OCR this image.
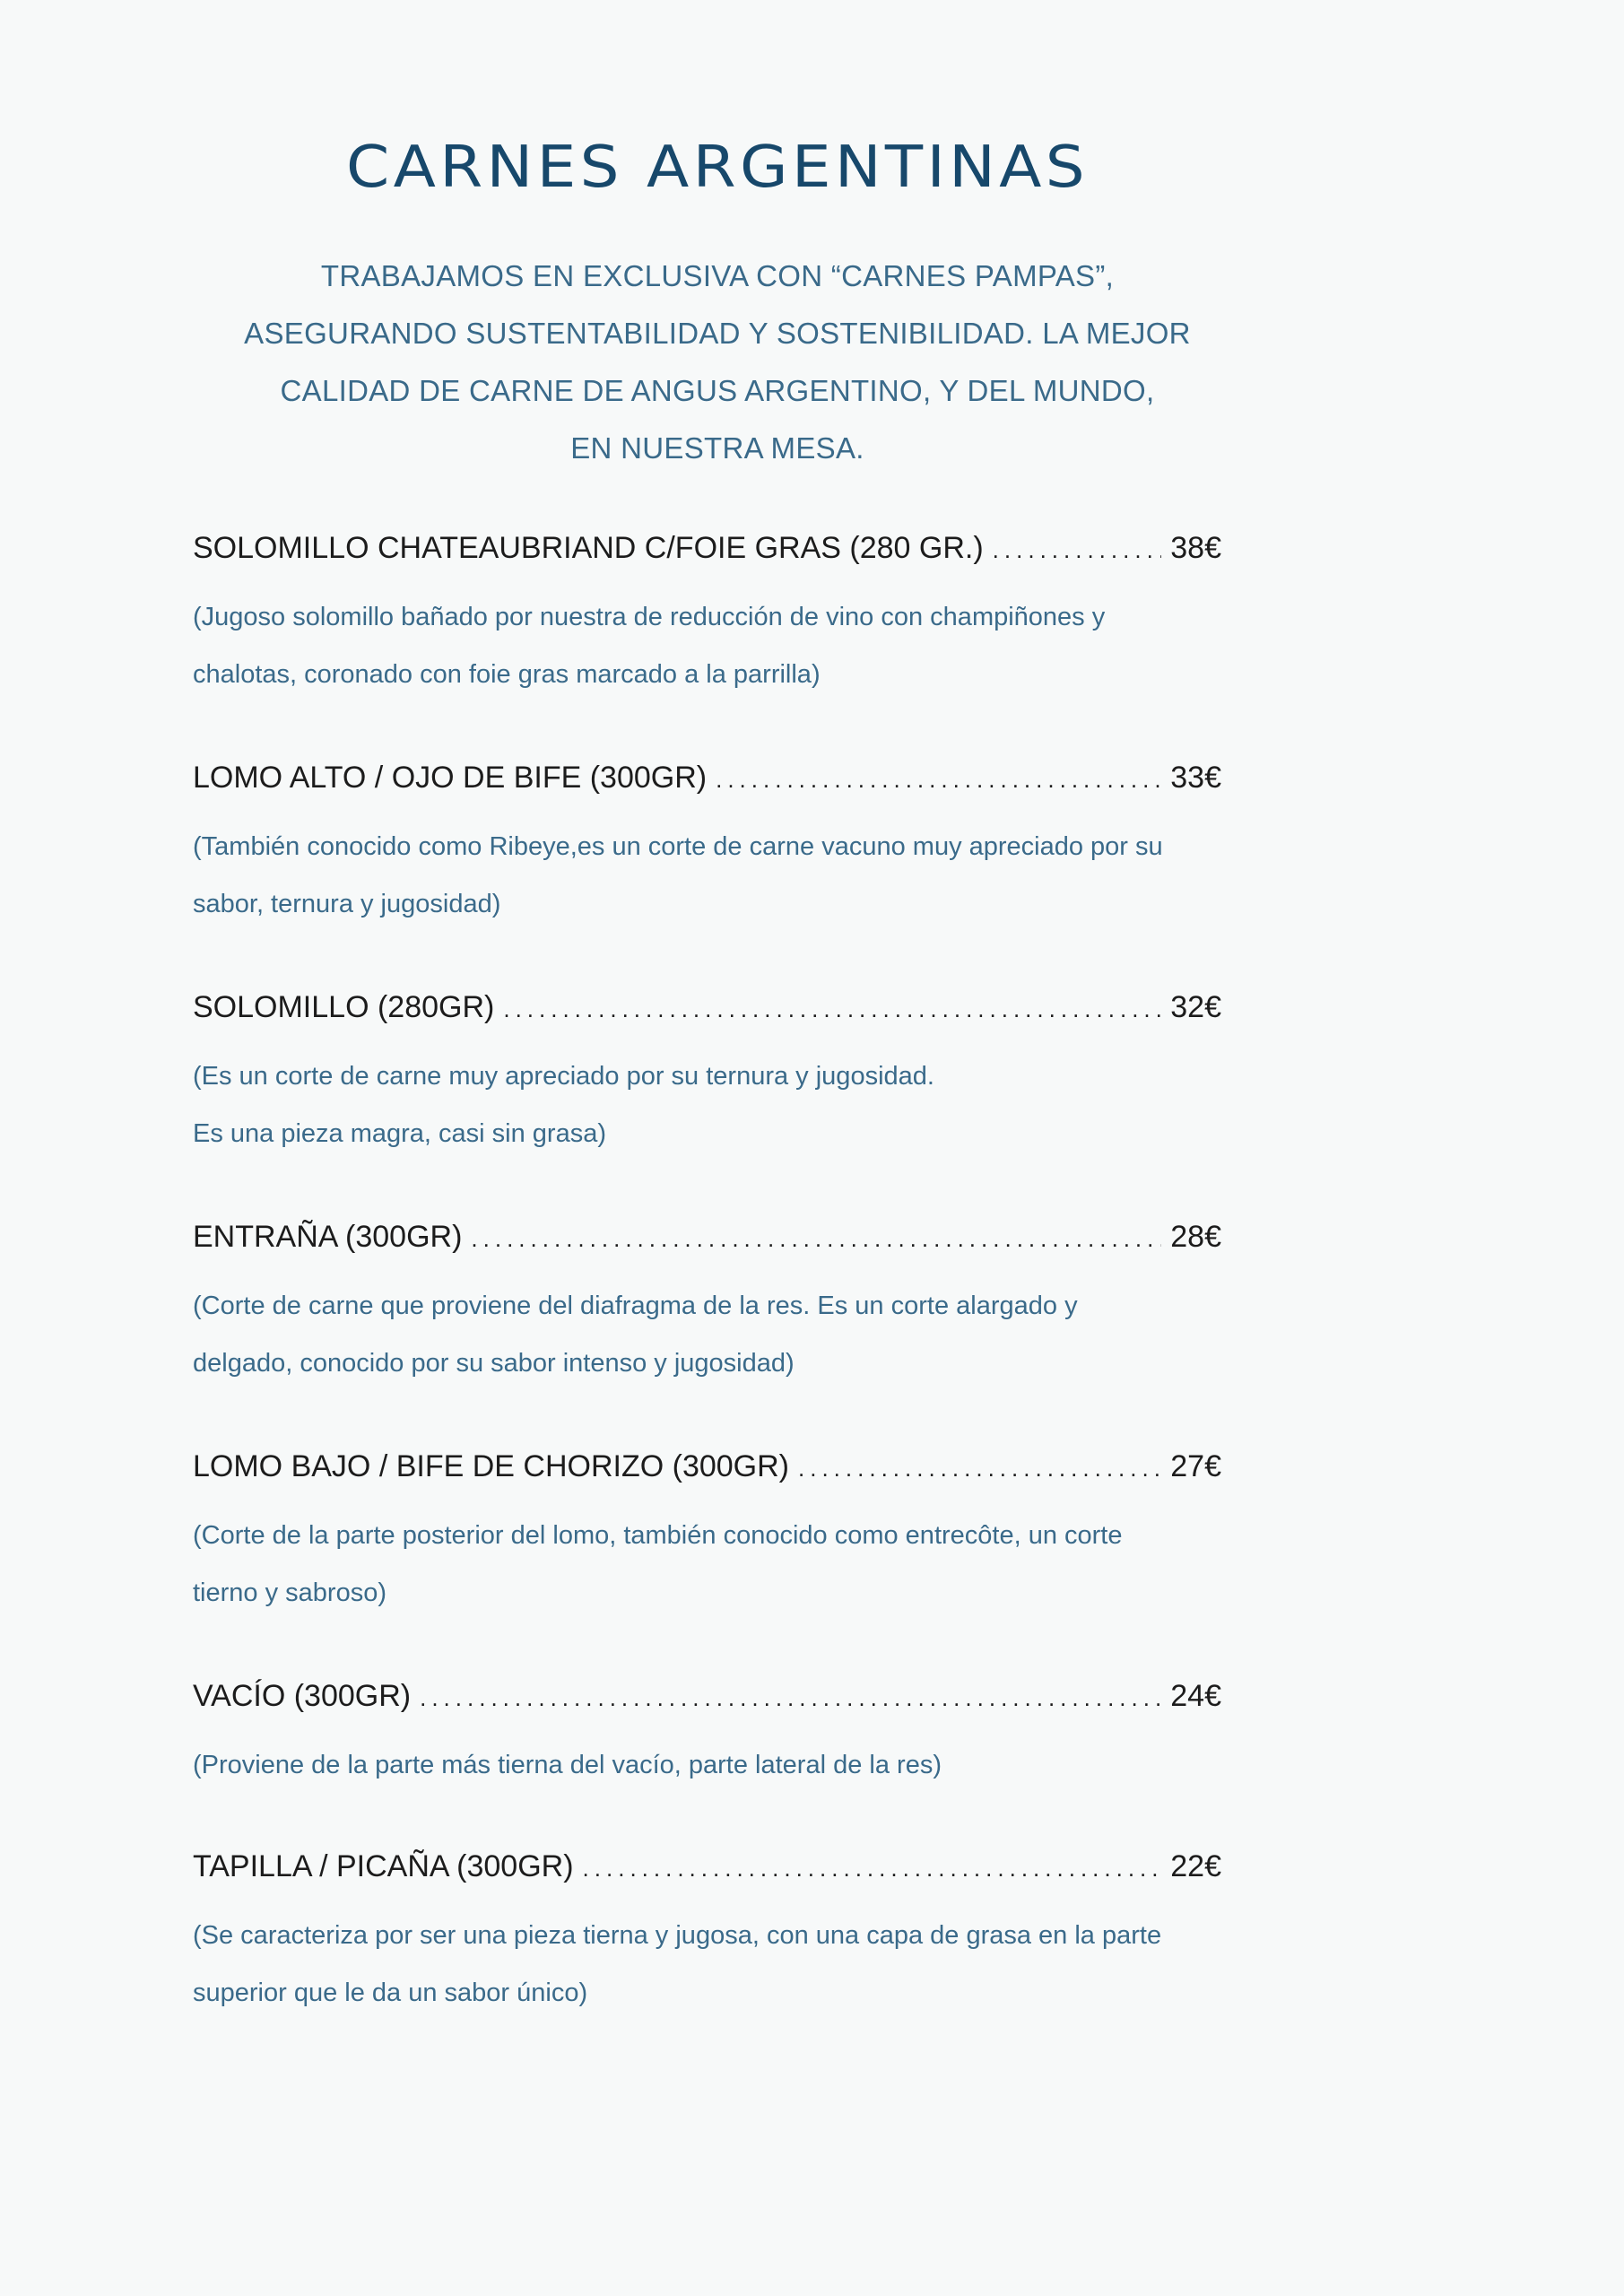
CARNES ARGENTINAS
TRABAJAMOS EN EXCLUSIVA CON “CARNES PAMPAS”,
ASEGURANDO SUSTENTABILIDAD Y SOSTENIBILIDAD. LA MEJOR
CALIDAD DE CARNE DE ANGUS ARGENTINO, Y DEL MUNDO,
EN NUESTRA MESA.
SOLOMILLO CHATEAUBRIAND C/FOIE GRAS (280 GR.) .....	38€
(Jugoso solomillo bañado por nuestra de reducción de vino con champiñones y
chalotas, coronado con foie gras marcado a la parrilla)
LOMO ALTO / OJO DE BIFE (300GR) .....	33€
(También conocido como Ribeye,es un corte de carne vacuno muy apreciado por su
sabor, ternura y jugosidad)
SOLOMILLO (280GR) .....	32€
(Es un corte de carne muy apreciado por su ternura y jugosidad.
Es una pieza magra, casi sin grasa)
ENTRAÑA (300GR) .....	28€
(Corte de carne que proviene del diafragma de la res. Es un corte alargado y
delgado, conocido por su sabor intenso y jugosidad)
LOMO BAJO / BIFE DE CHORIZO (300GR) .....	27€
(Corte de la parte posterior del lomo, también conocido como entrecôte, un corte
tierno y sabroso)
VACÍO (300GR) .....	24€
(Proviene de la parte más tierna del vacío, parte lateral de la res)
TAPILLA / PICAÑA (300GR) .....	22€
(Se caracteriza por ser una pieza tierna y jugosa, con una capa de grasa en la parte
superior que le da un sabor único)
